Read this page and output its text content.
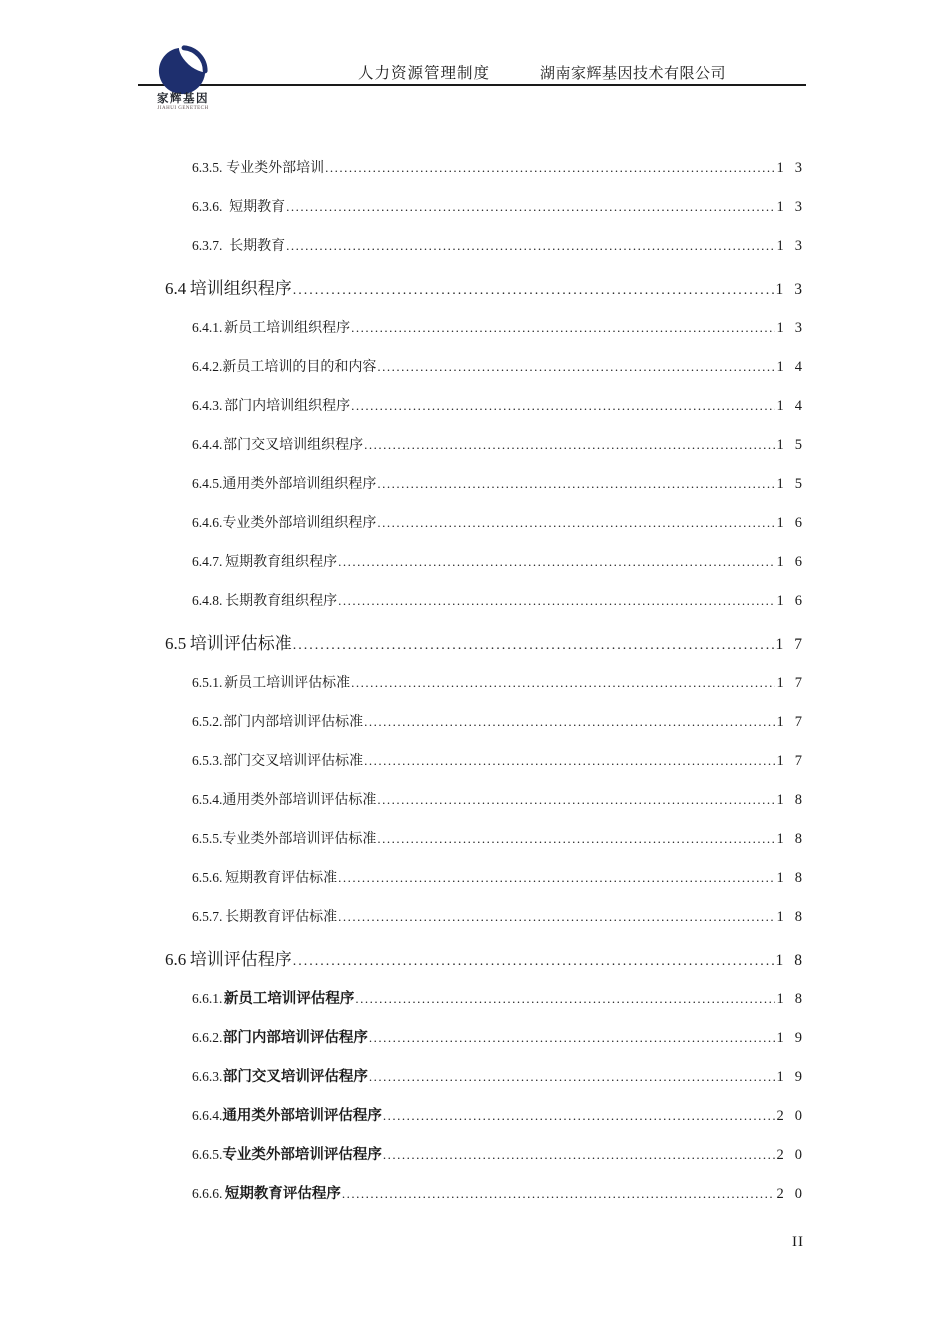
家辉基因
JIAHUI GENETECH
人力资源管理制度	湖南家辉基因技术有限公司
6.3.5. 专业类外部培训 .....	13
6.3.6. 短期教育 .....	13
6.3.7. 长期教育 .....	13
6.4 培训组织程序 .....	13
6.4.1. 新员工培训组织程序 .....	13
6.4.2. 新员工培训的目的和内容 .....	14
6.4.3. 部门内培训组织程序 .....	14
6.4.4. 部门交叉培训组织程序 .....	15
6.4.5. 通用类外部培训组织程序 .....	15
6.4.6. 专业类外部培训组织程序 .....	16
6.4.7. 短期教育组织程序 .....	16
6.4.8. 长期教育组织程序 .....	16
6.5 培训评估标准 .....	17
6.5.1. 新员工培训评估标准 .....	17
6.5.2. 部门内部培训评估标准 .....	17
6.5.3. 部门交叉培训评估标准 .....	17
6.5.4. 通用类外部培训评估标准 .....	18
6.5.5. 专业类外部培训评估标准 .....	18
6.5.6. 短期教育评估标准 .....	18
6.5.7. 长期教育评估标准 .....	18
6.6 培训评估程序 .....	18
6.6.1. 新员工培训评估程序 .....	18
6.6.2. 部门内部培训评估程序 .....	19
6.6.3. 部门交叉培训评估程序 .....	19
6.6.4. 通用类外部培训评估程序 .....	20
6.6.5. 专业类外部培训评估程序 .....	20
6.6.6. 短期教育评估程序 .....	20
II
